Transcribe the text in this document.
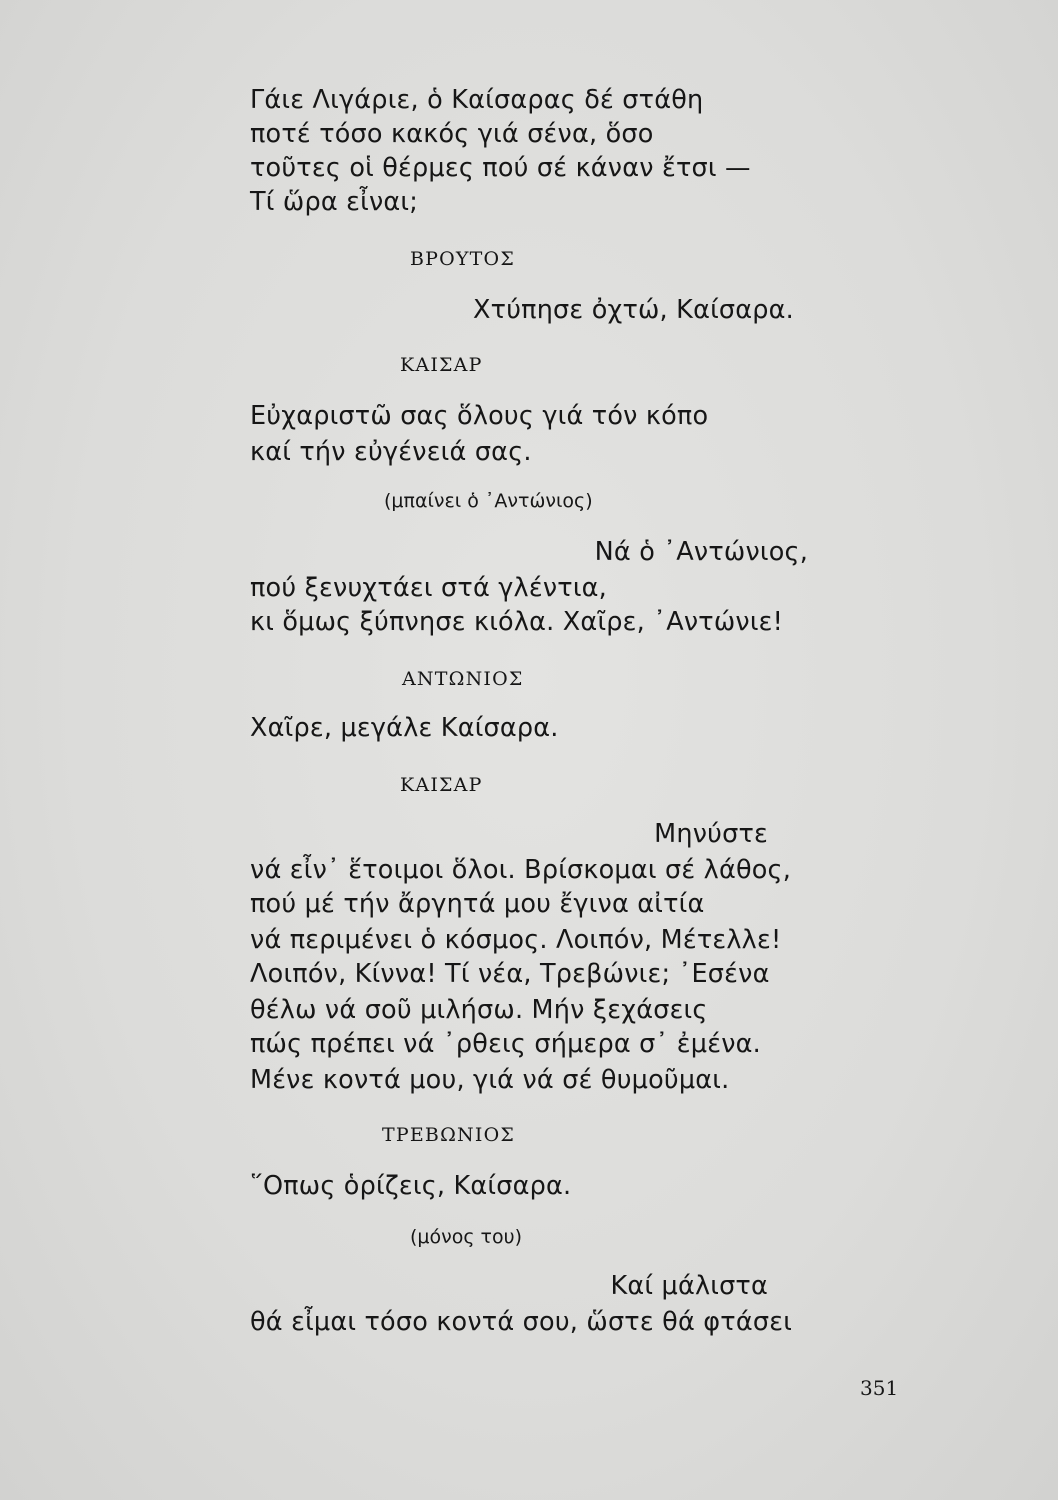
Γάιε Λιγάριε, ὁ Καίσαρας δέ στάθη
ποτέ τόσο κακός γιά σένα, ὅσο
τοῦτες οἱ θέρμες πού σέ κάναν ἔτσι —
Τί ὥρα εἶναι;
ΒΡΟΥΤΟΣ
Χτύπησε ὀχτώ, Καίσαρα.
ΚΑΙΣΑΡ
Εὐχαριστῶ σας ὅλους γιά τόν κόπο
καί τήν εὐγένειά σας.
(μπαίνει ὁ ᾿Αντώνιος)
Νά ὁ ᾿Αντώνιος,
πού ξενυχτάει στά γλέντια,
κι ὅμως ξύπνησε κιόλα. Χαῖρε, ᾿Αντώνιε!
ΑΝΤΩΝΙΟΣ
Χαῖρε, μεγάλε Καίσαρα.
ΚΑΙΣΑΡ
Μηνύστε
νά εἶν᾿ ἕτοιμοι ὅλοι. Βρίσκομαι σέ λάθος,
πού μέ τήν ἄργητά μου ἔγινα αἰτία
νά περιμένει ὁ κόσμος. Λοιπόν, Μέτελλε!
Λοιπόν, Κίννα! Τί νέα, Τρεβώνιε; ᾿Εσένα
θέλω νά σοῦ μιλήσω. Μήν ξεχάσεις
πώς πρέπει νά ᾿ρθεις σήμερα σ᾿ ἐμένα.
Μένε κοντά μου, γιά νά σέ θυμοῦμαι.
ΤΡΕΒΩΝΙΟΣ
῞Οπως ὁρίζεις, Καίσαρα.
(μόνος του)
Καί μάλιστα
θά εἶμαι τόσο κοντά σου, ὥστε θά φτάσει
351
